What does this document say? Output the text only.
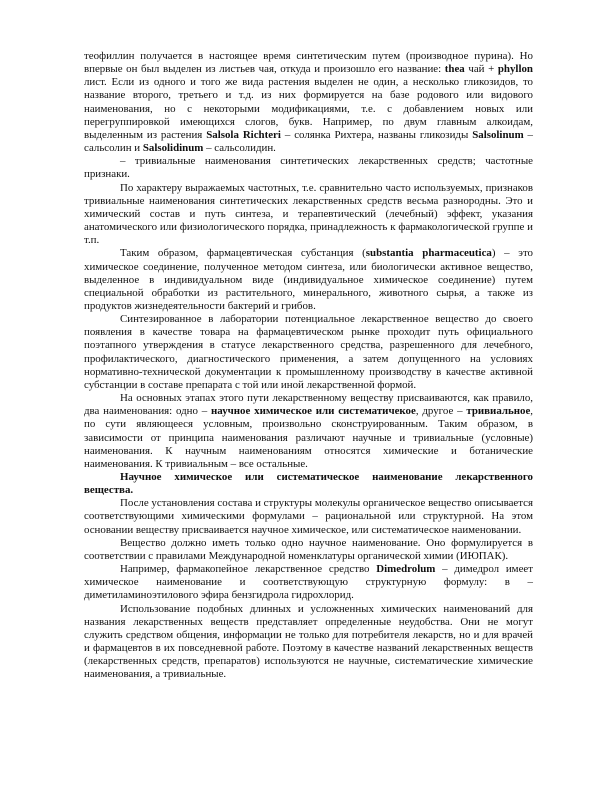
теофиллин получается в настоящее время синтетическим путем (производное пурина). Но впервые он был выделен из листьев чая, откуда и произошло его название: thea чай + phyllon лист. Если из одного и того же вида растения выделен не один, а несколько гликозидов, то название второго, третьего и т.д. из них формируется на базе родового или видового наименования, но с некоторыми модификациями, т.е. с добавлением новых или перегруппировкой имеющихся слогов, букв. Например, по двум главным алкоидам, выделенным из растения Salsola Richteri – солянка Рихтера, названы гликозиды Salsolinum – сальсолин и Salsolidinum – сальсолидин.

– тривиальные наименования синтетических лекарственных средств; частотные признаки.

По характеру выражаемых частотных, т.е. сравнительно часто используемых, признаков тривиальные наименования синтетических лекарственных средств весьма разнородны. Это и химический состав и путь синтеза, и терапевтический (лечебный) эффект, указания анатомического или физиологического порядка, принадлежность к фармакологической группе и т.п.

Таким образом, фармацевтическая субстанция (substantia pharmaceutica) – это химическое соединение, полученное методом синтеза, или биологически активное вещество, выделенное в индивидуальном виде (индивидуальное химическое соединение) путем специальной обработки из растительного, минерального, животного сырья, а также из продуктов жизнедеятельности бактерий и грибов.

Синтезированное в лаборатории потенциальное лекарственное вещество до своего появления в качестве товара на фармацевтическом рынке проходит путь официального поэтапного утверждения в статусе лекарственного средства, разрешенного для лечебного, профилактического, диагностического применения, а затем допущенного на условиях нормативно-технической документации к промышленному производству в качестве активной субстанции в составе препарата с той или иной лекарственной формой.

На основных этапах этого пути лекарственному веществу присваиваются, как правило, два наименования: одно – научное химическое или систематичекое, другое – тривиальное, по сути являющееся условным, произвольно сконструированным. Таким образом, в зависимости от принципа наименования различают научные и тривиальные (условные) наименования. К научным наименованиям относятся химические и ботанические наименования. К тривиальным – все остальные.

Научное химическое или систематическое наименование лекарственного вещества.

После установления состава и структуры молекулы органическое вещество описывается соответствующими химическими формулами – рациональной или структурной. На этом основании веществу присваивается научное химическое, или систематическое наименовании.

Вещество должно иметь только одно научное наименование. Оно формулируется в соответствии с правилами Международной номенклатуры органической химии (ИЮПАК).

Например, фармакопейное лекарственное средство Dimedrolum – димедрол имеет химическое наименование и соответствующую структурную формулу: в – диметиламиноэтилового эфира бензгидрола гидрохлорид.

Использование подобных длинных и усложненных химических наименований для названия лекарственных веществ представляет определенные неудобства. Они не могут служить средством общения, информации не только для потребителя лекарств, но и для врачей и фармацевтов в их повседневной работе. Поэтому в качестве названий лекарственных веществ (лекарственных средств, препаратов) используются не научные, систематические химические наименования, а тривиальные.
